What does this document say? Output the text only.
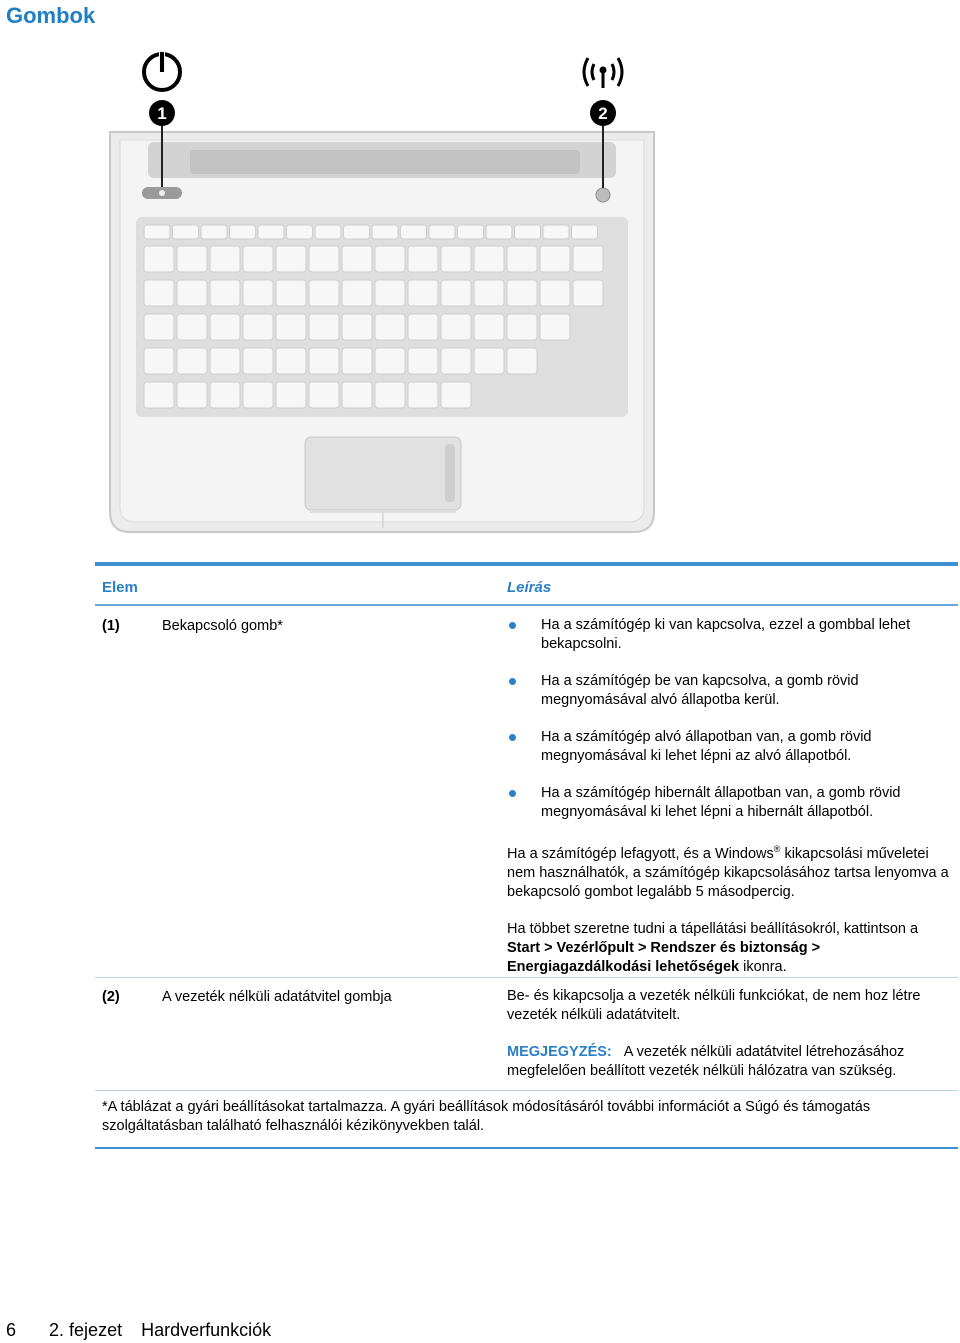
Gombok
1	2
Elem	Leírás
(1)	Bekapcsoló gomb*	Ha a számítógép ki van kapcsolva, ezzel a gombbal lehet bekapcsolni.
Ha a számítógép be van kapcsolva, a gomb rövid megnyomásával alvó állapotba kerül.
Ha a számítógép alvó állapotban van, a gomb rövid megnyomásával ki lehet lépni az alvó állapotból.
Ha a számítógép hibernált állapotban van, a gomb rövid megnyomásával ki lehet lépni a hibernált állapotból.

Ha a számítógép lefagyott, és a Windows® kikapcsolási műveletei nem használhatók, a számítógép kikapcsolásához tartsa lenyomva a bekapcsoló gombot legalább 5 másodpercig.

Ha többet szeretne tudni a tápellátási beállításokról, kattintson a Start > Vezérlőpult > Rendszer és biztonság > Energiagazdálkodási lehetőségek ikonra.

(2)	A vezeték nélküli adatátvitel gombja	Be- és kikapcsolja a vezeték nélküli funkciókat, de nem hoz létre vezeték nélküli adatátvitelt.

MEGJEGYZÉS: A vezeték nélküli adatátvitel létrehozásához megfelelően beállított vezeték nélküli hálózatra van szükség.

*A táblázat a gyári beállításokat tartalmazza. A gyári beállítások módosításáról további információt a Súgó és támogatás szolgáltatásban található felhasználói kézikönyvekben talál.
6 2. fejezet Hardverfunkciók
